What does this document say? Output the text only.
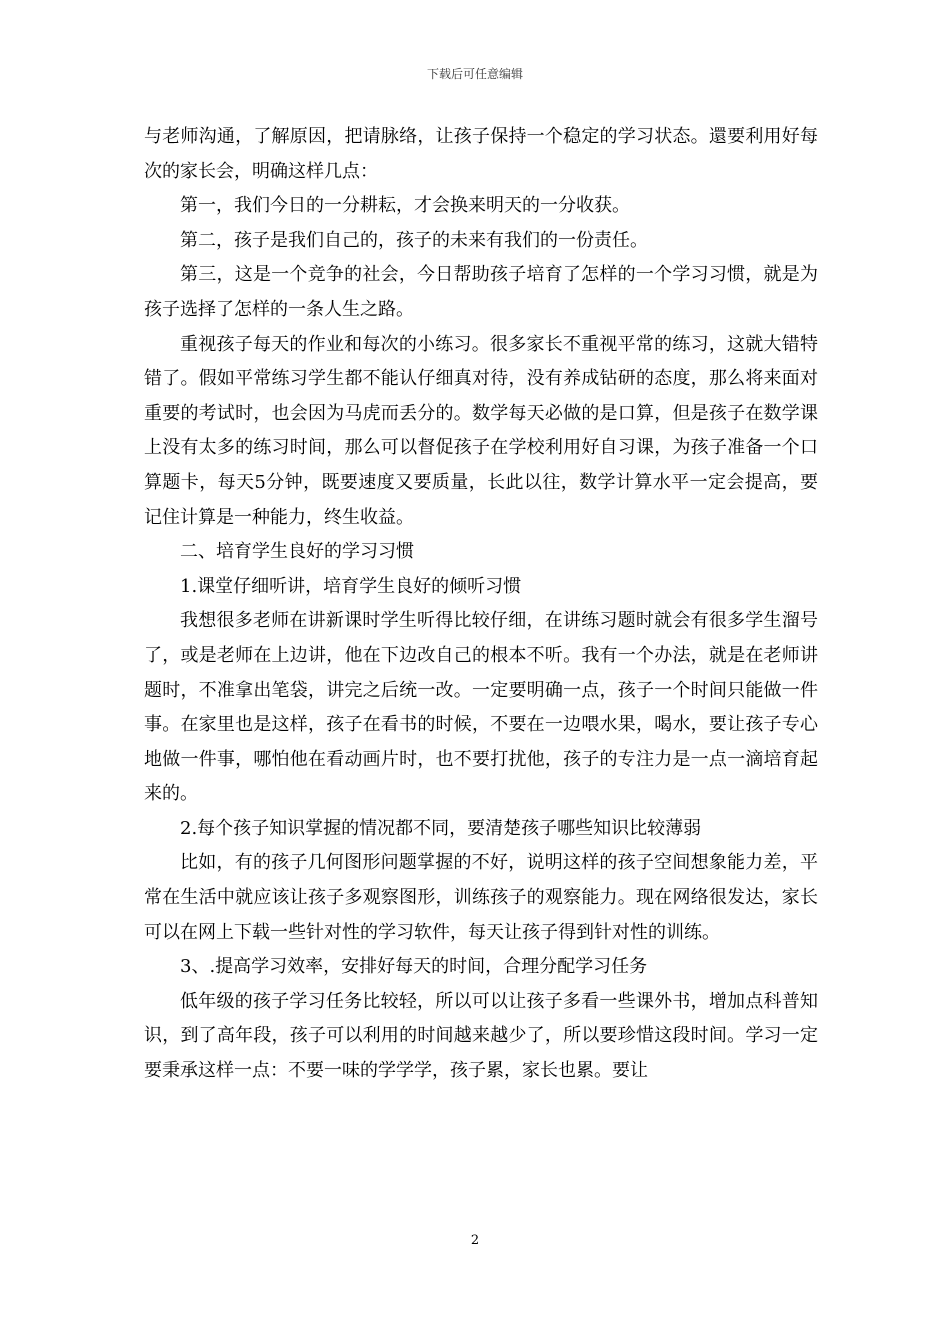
下载后可任意编辑

与老师沟通，了解原因，把请脉络，让孩子保持一个稳定的学习状态。還要利用好每次的家长会，明确这样几点：

第一，我们今日的一分耕耘，才会换来明天的一分收获。

第二，孩子是我们自己的，孩子的未来有我们的一份责任。

第三，这是一个竞争的社会，今日帮助孩子培育了怎样的一个学习习惯，就是为孩子选择了怎样的一条人生之路。

重视孩子每天的作业和每次的小练习。很多家长不重视平常的练习，这就大错特错了。假如平常练习学生都不能认仔细真对待，没有养成钻研的态度，那么将来面对重要的考试时，也会因为马虎而丢分的。数学每天必做的是口算，但是孩子在数学课上没有太多的练习时间，那么可以督促孩子在学校利用好自习课，为孩子准备一个口算题卡，每天5分钟，既要速度又要质量，长此以往，数学计算水平一定会提高，要记住计算是一种能力，终生收益。

二、培育学生良好的学习习惯

1.课堂仔细听讲，培育学生良好的倾听习惯

我想很多老师在讲新课时学生听得比较仔细，在讲练习题时就会有很多学生溜号了，或是老师在上边讲，他在下边改自己的根本不听。我有一个办法，就是在老师讲题时，不准拿出笔袋，讲完之后统一改。一定要明确一点，孩子一个时间只能做一件事。在家里也是这样，孩子在看书的时候，不要在一边喂水果，喝水，要让孩子专心地做一件事，哪怕他在看动画片时，也不要打扰他，孩子的专注力是一点一滴培育起来的。

2.每个孩子知识掌握的情况都不同，要清楚孩子哪些知识比较薄弱

比如，有的孩子几何图形问题掌握的不好，说明这样的孩子空间想象能力差，平常在生活中就应该让孩子多观察图形，训练孩子的观察能力。现在网络很发达，家长可以在网上下载一些针对性的学习软件，每天让孩子得到针对性的训练。

3、.提高学习效率，安排好每天的时间，合理分配学习任务

低年级的孩子学习任务比较轻，所以可以让孩子多看一些课外书，增加点科普知识，到了高年段，孩子可以利用的时间越来越少了，所以要珍惜这段时间。学习一定要秉承这样一点：不要一味的学学学，孩子累，家长也累。要让

2
